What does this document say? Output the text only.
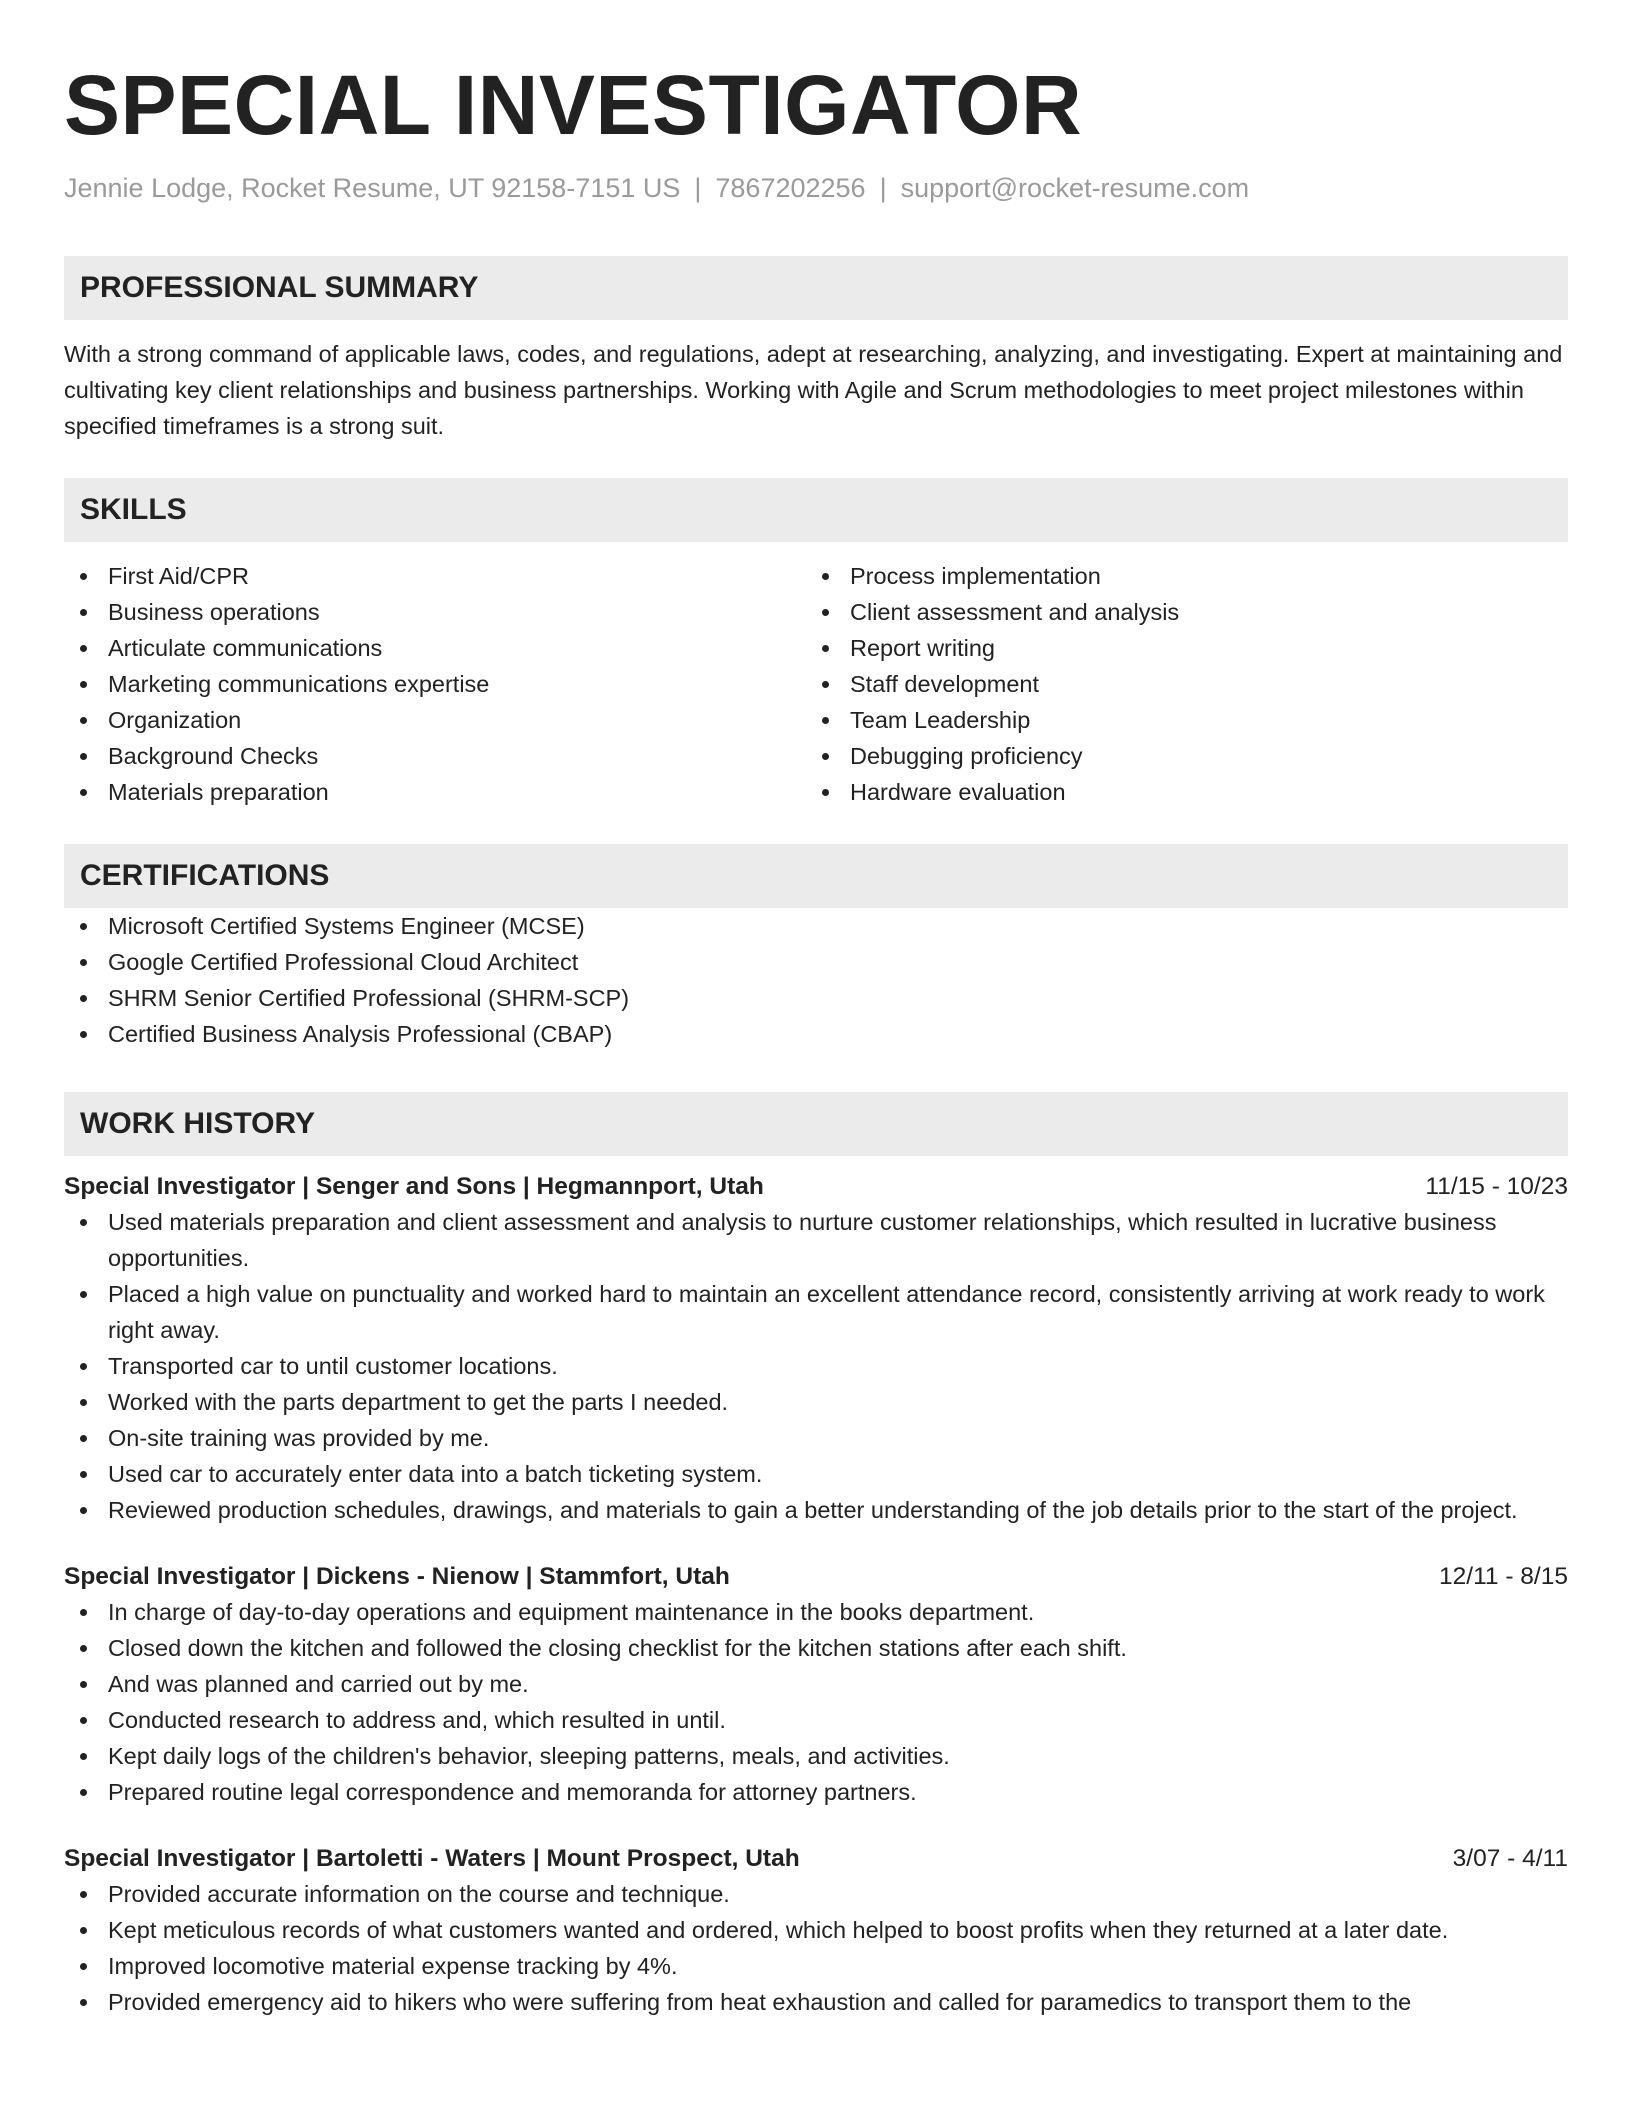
SPECIAL INVESTIGATOR
Jennie Lodge, Rocket Resume, UT 92158-7151 US | 7867202256 | support@rocket-resume.com
PROFESSIONAL SUMMARY

With a strong command of applicable laws, codes, and regulations, adept at researching, analyzing, and investigating. Expert at maintaining and cultivating key client relationships and business partnerships. Working with Agile and Scrum methodologies to meet project milestones within specified timeframes is a strong suit.

SKILLS
First Aid/CPR
Business operations
Articulate communications
Marketing communications expertise
Organization
Background Checks
Materials preparation
Process implementation
Client assessment and analysis
Report writing
Staff development
Team Leadership
Debugging proficiency
Hardware evaluation
CERTIFICATIONS
Microsoft Certified Systems Engineer (MCSE)
Google Certified Professional Cloud Architect
SHRM Senior Certified Professional (SHRM-SCP)
Certified Business Analysis Professional (CBAP)
WORK HISTORY
Special Investigator | Senger and Sons | Hegmannport, Utah	11/15 - 10/23
Used materials preparation and client assessment and analysis to nurture customer relationships, which resulted in lucrative business opportunities.
Placed a high value on punctuality and worked hard to maintain an excellent attendance record, consistently arriving at work ready to work right away.
Transported car to until customer locations.
Worked with the parts department to get the parts I needed.
On-site training was provided by me.
Used car to accurately enter data into a batch ticketing system.
Reviewed production schedules, drawings, and materials to gain a better understanding of the job details prior to the start of the project.
Special Investigator | Dickens - Nienow | Stammfort, Utah	12/11 - 8/15
In charge of day-to-day operations and equipment maintenance in the books department.
Closed down the kitchen and followed the closing checklist for the kitchen stations after each shift.
And was planned and carried out by me.
Conducted research to address and, which resulted in until.
Kept daily logs of the children's behavior, sleeping patterns, meals, and activities.
Prepared routine legal correspondence and memoranda for attorney partners.
Special Investigator | Bartoletti - Waters | Mount Prospect, Utah	3/07 - 4/11
Provided accurate information on the course and technique.
Kept meticulous records of what customers wanted and ordered, which helped to boost profits when they returned at a later date.
Improved locomotive material expense tracking by 4%.
Provided emergency aid to hikers who were suffering from heat exhaustion and called for paramedics to transport them to the
